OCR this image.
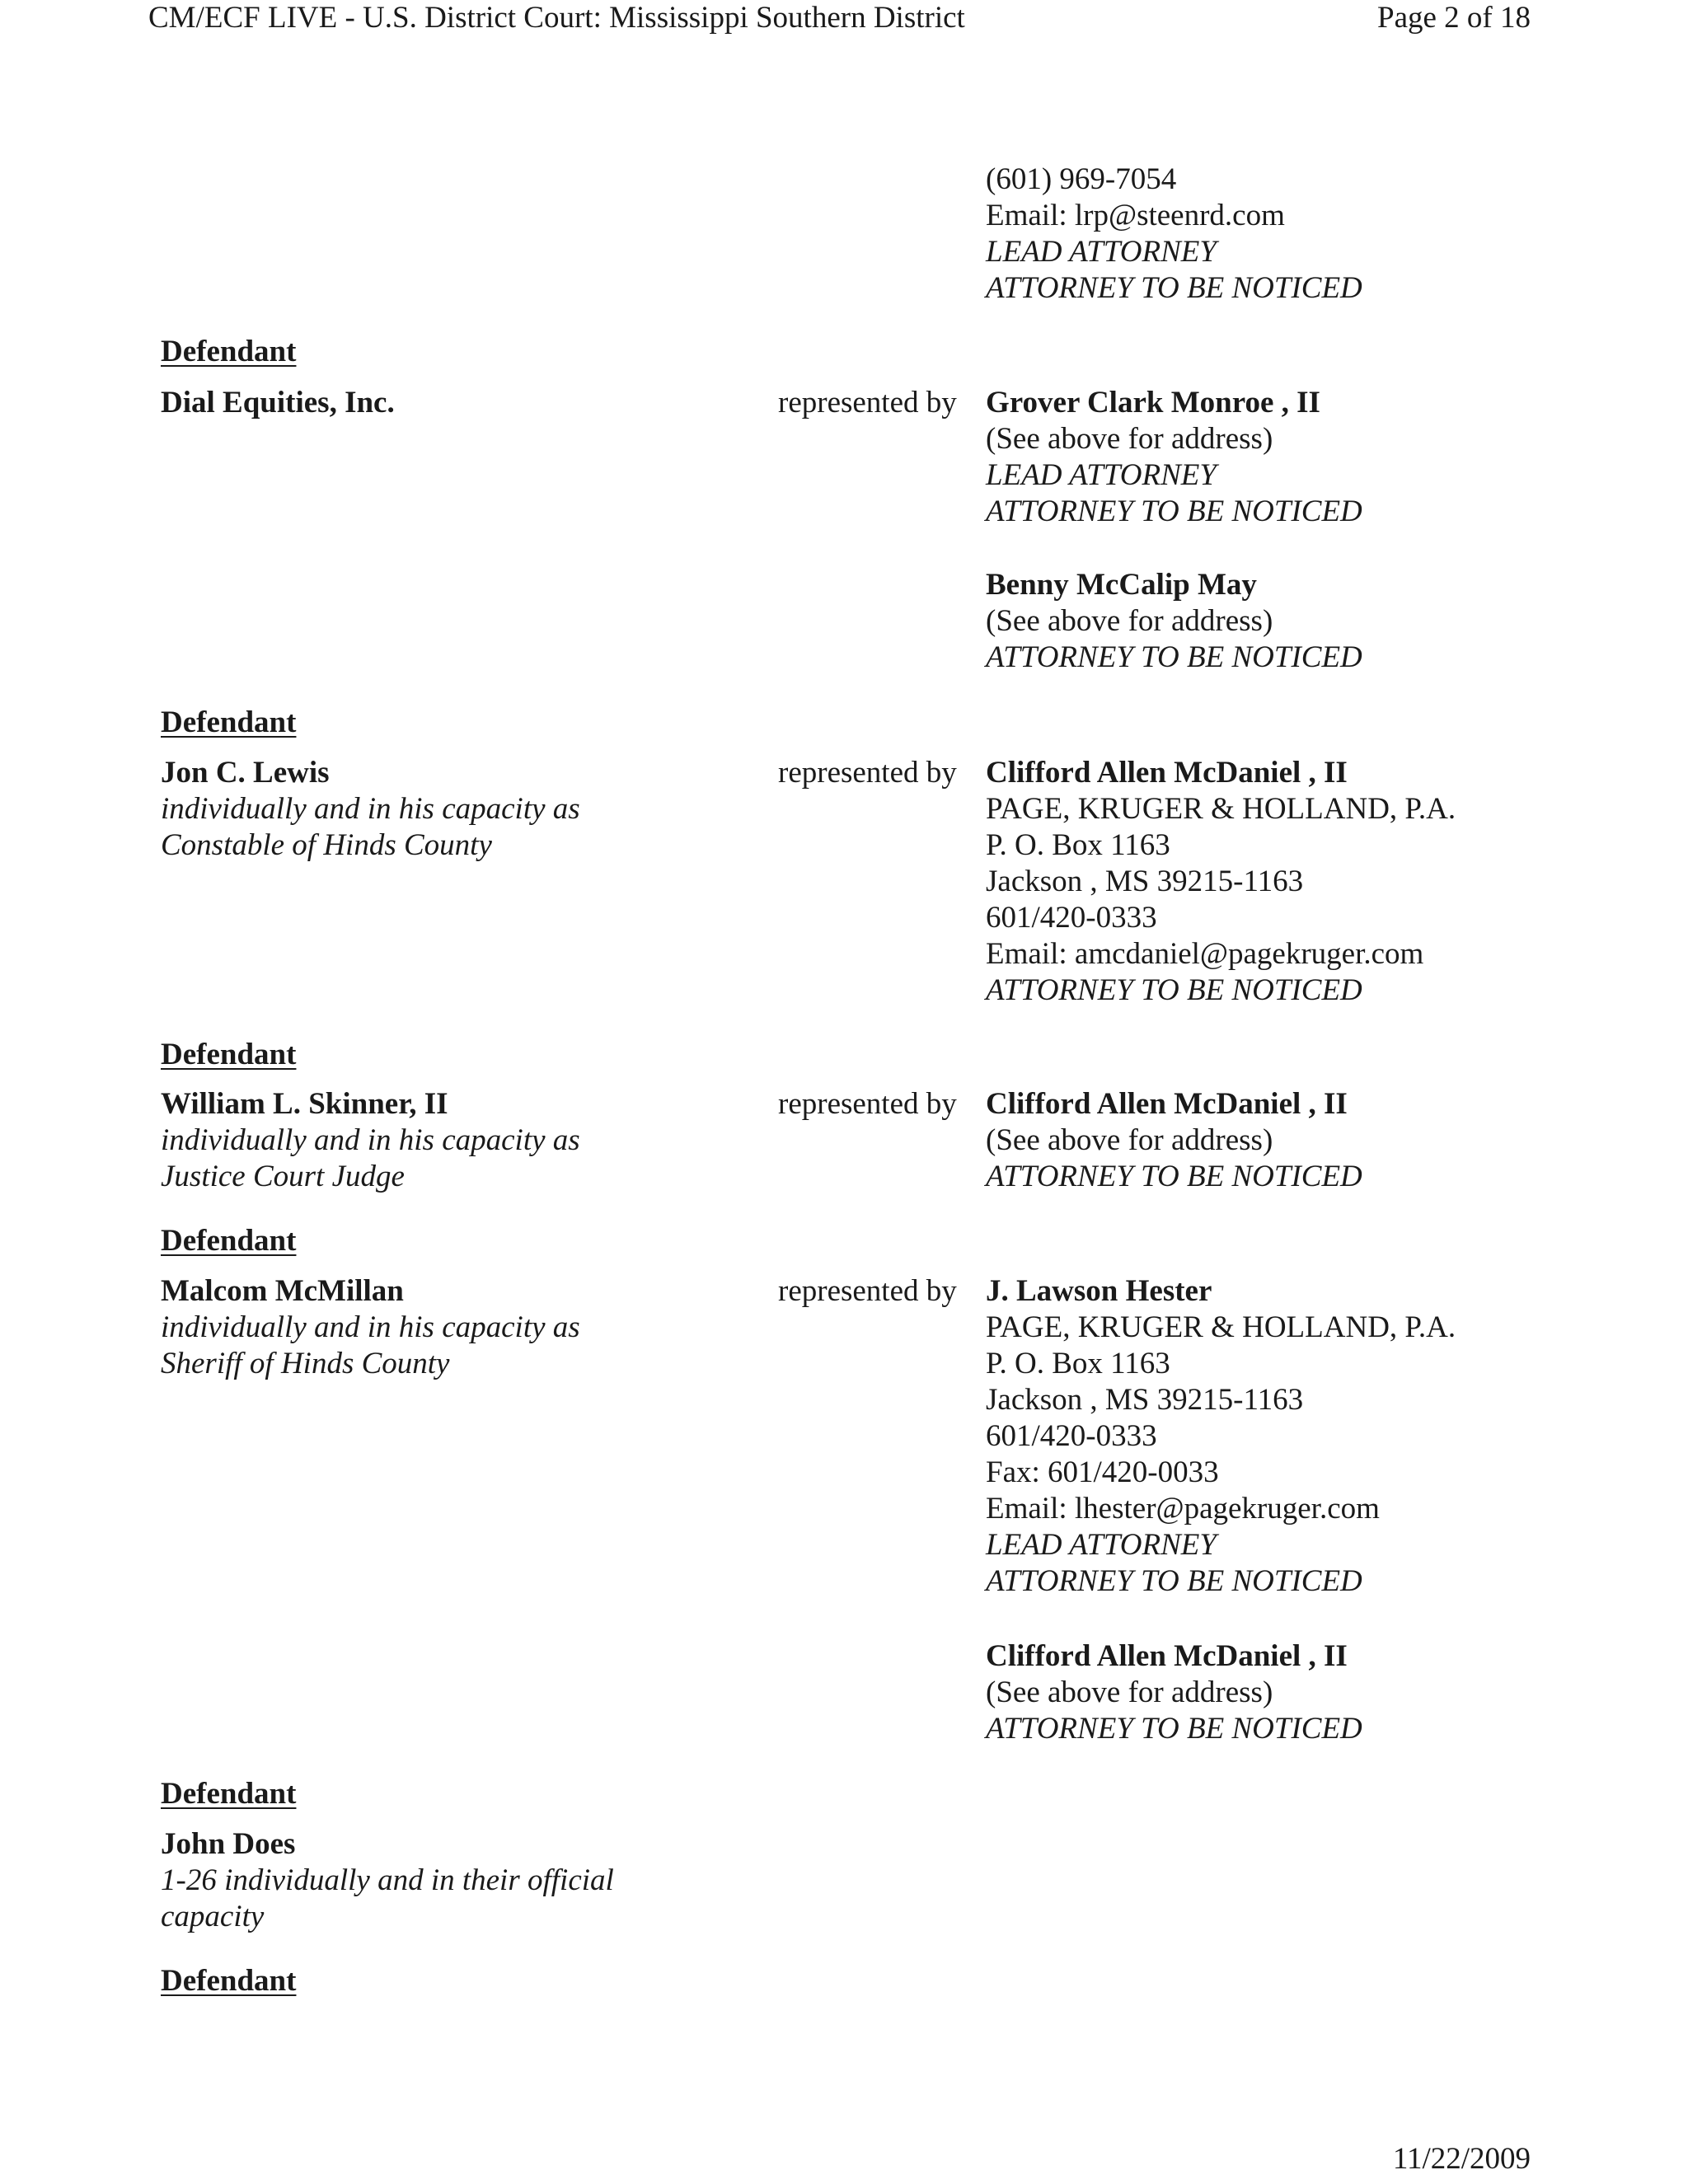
CM/ECF LIVE - U.S. District Court: Mississippi Southern District	Page 2 of 18
(601) 969-7054
Email: lrp@steenrd.com
LEAD ATTORNEY
ATTORNEY TO BE NOTICED
Defendant
Dial Equities, Inc.	represented by Grover Clark Monroe , II
(See above for address)
LEAD ATTORNEY
ATTORNEY TO BE NOTICED
Benny McCalip May
(See above for address)
ATTORNEY TO BE NOTICED
Defendant
Jon C. Lewis
individually and in his capacity as
Constable of Hinds County
represented by Clifford Allen McDaniel , II
PAGE, KRUGER & HOLLAND, P.A.
P. O. Box 1163
Jackson , MS 39215-1163
601/420-0333
Email: amcdaniel@pagekruger.com
ATTORNEY TO BE NOTICED
Defendant
William L. Skinner, II
individually and in his capacity as
Justice Court Judge
represented by Clifford Allen McDaniel , II
(See above for address)
ATTORNEY TO BE NOTICED
Defendant
Malcom McMillan
individually and in his capacity as
Sheriff of Hinds County
represented by J. Lawson Hester
PAGE, KRUGER & HOLLAND, P.A.
P. O. Box 1163
Jackson , MS 39215-1163
601/420-0333
Fax: 601/420-0033
Email: lhester@pagekruger.com
LEAD ATTORNEY
ATTORNEY TO BE NOTICED
Clifford Allen McDaniel , II
(See above for address)
ATTORNEY TO BE NOTICED
Defendant
John Does
1-26 individually and in their official
capacity
Defendant
11/22/2009
